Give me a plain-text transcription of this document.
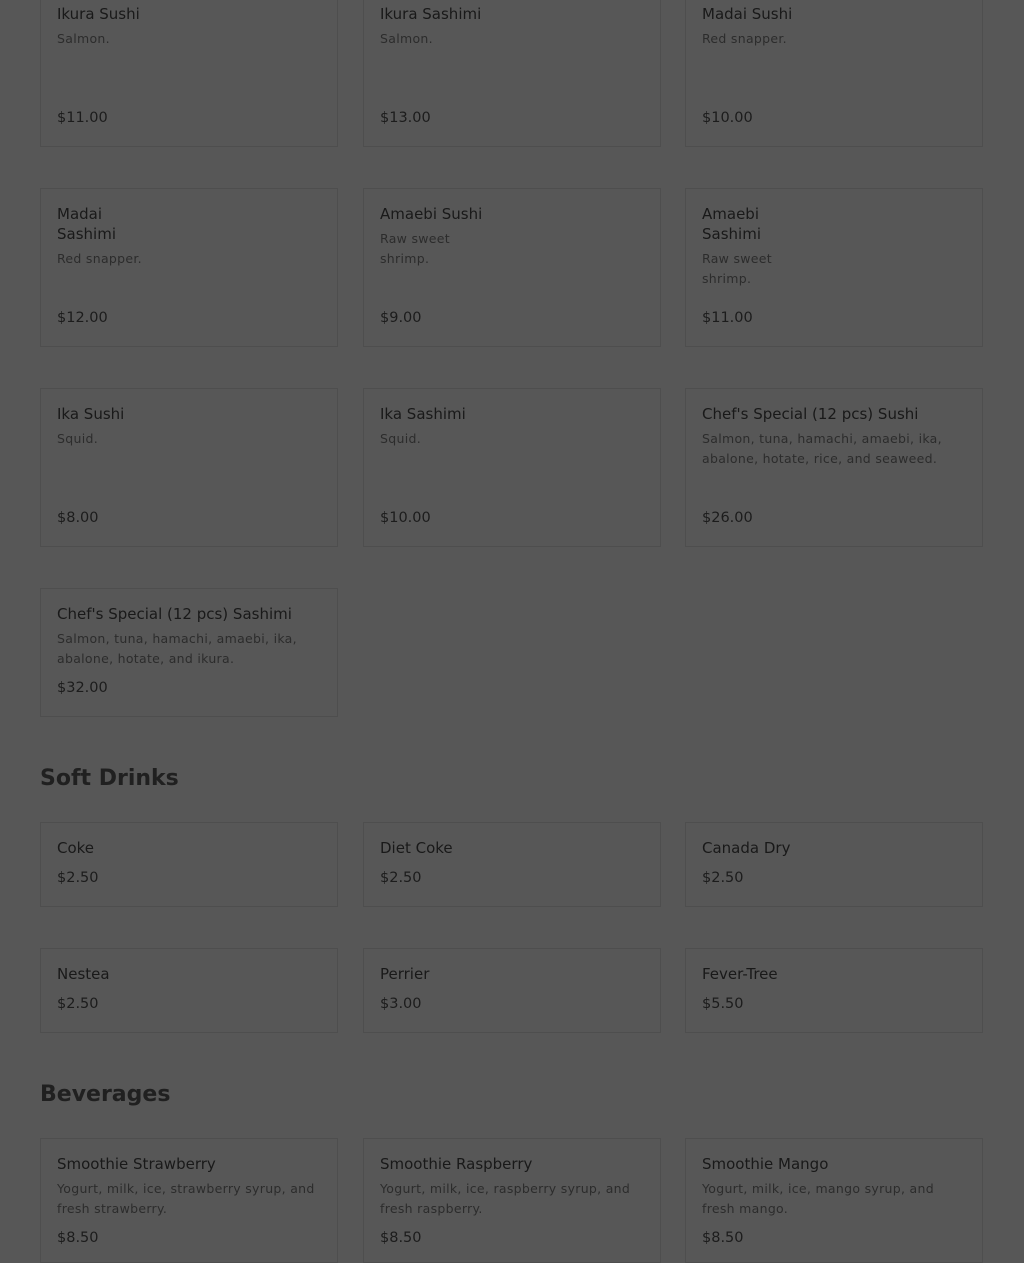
Ikura Sushi
Salmon.
$11.00
Ikura Sashimi
Salmon.
$13.00
Madai Sushi
Red snapper.
$10.00
Madai Sashimi
Red snapper.
$12.00
Amaebi Sushi
Raw sweet shrimp.
$9.00
Amaebi Sashimi
Raw sweet shrimp.
$11.00
Ika Sushi
Squid.
$8.00
Ika Sashimi
Squid.
$10.00
Chef's Special (12 pcs) Sushi
Salmon, tuna, hamachi, amaebi, ika, abalone, hotate, rice, and seaweed.
$26.00
Chef's Special (12 pcs) Sashimi
Salmon, tuna, hamachi, amaebi, ika, abalone, hotate, and ikura.
$32.00
Soft Drinks
Coke
$2.50
Diet Coke
$2.50
Canada Dry
$2.50
Nestea
$2.50
Perrier
$3.00
Fever-Tree
$5.50
Beverages
Smoothie Strawberry
Yogurt, milk, ice, strawberry syrup, and fresh strawberry.
$8.50
Smoothie Raspberry
Yogurt, milk, ice, raspberry syrup, and fresh raspberry.
$8.50
Smoothie Mango
Yogurt, milk, ice, mango syrup, and fresh mango.
$8.50
